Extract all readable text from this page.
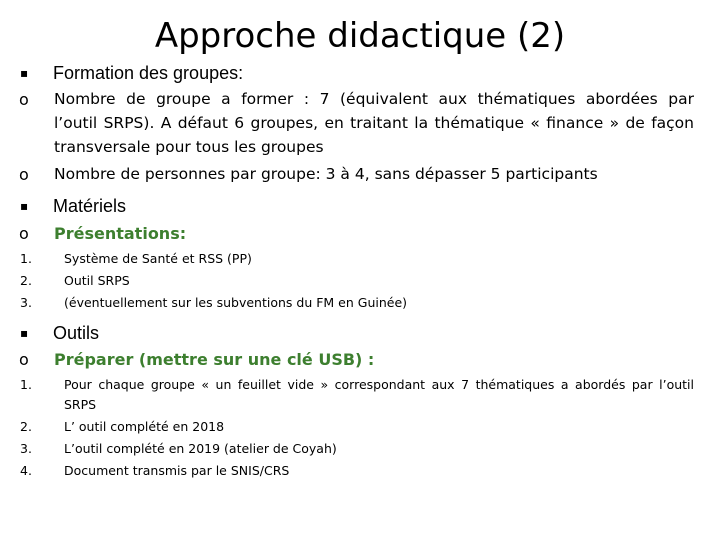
Approche didactique (2)
▪ Formation des groupes:
o Nombre de groupe a former : 7 (équivalent aux thématiques abordées par
l’outil SRPS). A défaut 6 groupes, en traitant la thématique « finance » de façon
transversale pour tous les groupes
o Nombre de personnes par groupe: 3 à 4, sans dépasser 5 participants
▪ Matériels
o Présentations:
1.	Système de Santé et RSS (PP)
2.	Outil SRPS
3.	(éventuellement sur les subventions du FM en Guinée)
▪ Outils
o Préparer (mettre sur une clé USB) :
1.	Pour chaque groupe « un feuillet vide » correspondant aux 7 thématiques a abordés par l’outil
SRPS
2.	L’ outil complété en 2018
3.	L’outil complété en 2019 (atelier de Coyah)
4.	Document transmis par le SNIS/CRS
